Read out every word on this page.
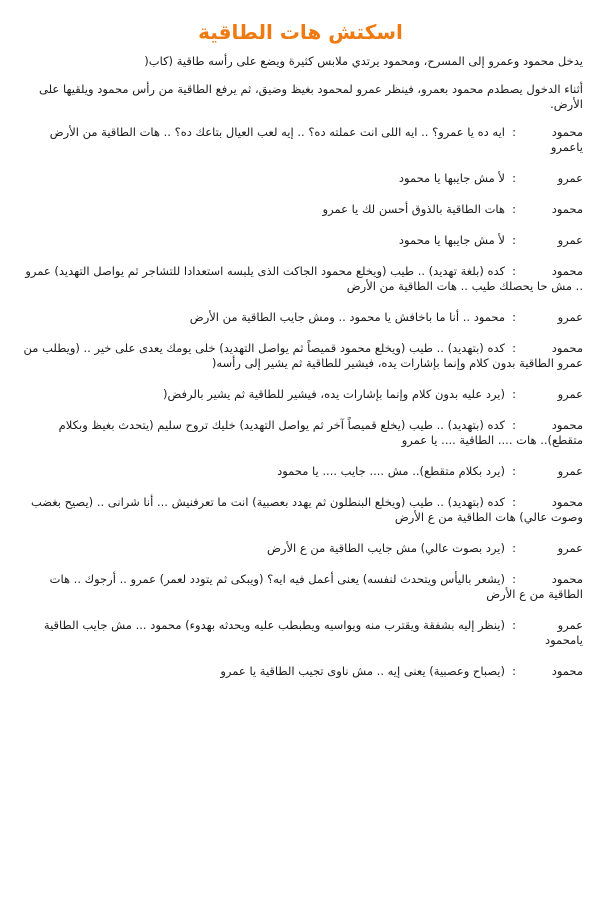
اسكتش هات الطاقية
يدخل محمود وعمرو إلى المسرح، ومحمود يرتدي ملابس كثيرة ويضع على رأسه طاقية (كاب(
أثناء الدخول يصطدم محمود بعمرو، فينظر عمرو لمحمود بغيظ وضيق، ثم يرفع الطاقية من رأس محمود ويلقيها على الأرض.
محمود:ايه ده يا عمرو؟ .. ايه اللى انت عملته ده؟ .. إيه لعب العيال بتاعك ده؟ .. هات الطاقية من الأرض ياعمرو
عمرو:لأ مش جايبها يا محمود
محمود:هات الطاقية بالذوق أحسن لك يا عمرو
عمرو:لأ مش جايبها يا محمود
محمود:كده (بلغة تهديد) .. طيب (ويخلع محمود الجاكت الذى يلبسه استعدادا للتشاجر ثم يواصل التهديد) عمرو .. مش حا يحصلك طيب .. هات الطاقية من الأرض
عمرو:محمود .. أنا ما باخافش يا محمود .. ومش جايب الطاقية من الأرض
محمود:كده (بتهديد) .. طيب (ويخلع محمود قميصاً ثم يواصل التهديد) خلى يومك يعدى على خير .. (ويطلب من عمرو الطاقية بدون كلام وإنما بإشارات يده، فيشير للطاقية ثم يشير إلى رأسه(
عمرو:(يرد عليه بدون كلام وإنما بإشارات يده، فيشير للطاقية ثم يشير بالرفض(
محمود:كده (بتهديد) .. طيب (يخلع قميصاً آخر ثم يواصل التهديد) خليك تروح سليم (يتحدث بغيظ وبكلام متقطع).. هات .... الطاقية .... يا عمرو
عمرو:(يرد بكلام متقطع).. مش .... جايب .... يا محمود
محمود:كده (بتهديد) .. طيب (ويخلع البنطلون ثم يهدد بعصبية) انت ما تعرفنيش ... أنا شرانى .. (يصيح بغضب وصوت عالي) هات الطاقية من ع الأرض
عمرو:(يرد بصوت عالي) مش جايب الطاقية من ع الأرض
محمود:(يشعر باليأس ويتحدث لنفسه) يعنى أعمل فيه ايه؟ (ويبكى ثم يتودد لعمر) عمرو .. أرجوك .. هات الطاقية من ع الأرض
عمرو:(ينظر إليه بشفقة ويقترب منه ويواسيه ويطبطب عليه ويحدثه بهدوء) محمود ... مش جايب الطاقية يامحمود
محمود:(يصباح وعصبية) يعنى إيه .. مش ناوى تجيب الطاقية يا عمرو
